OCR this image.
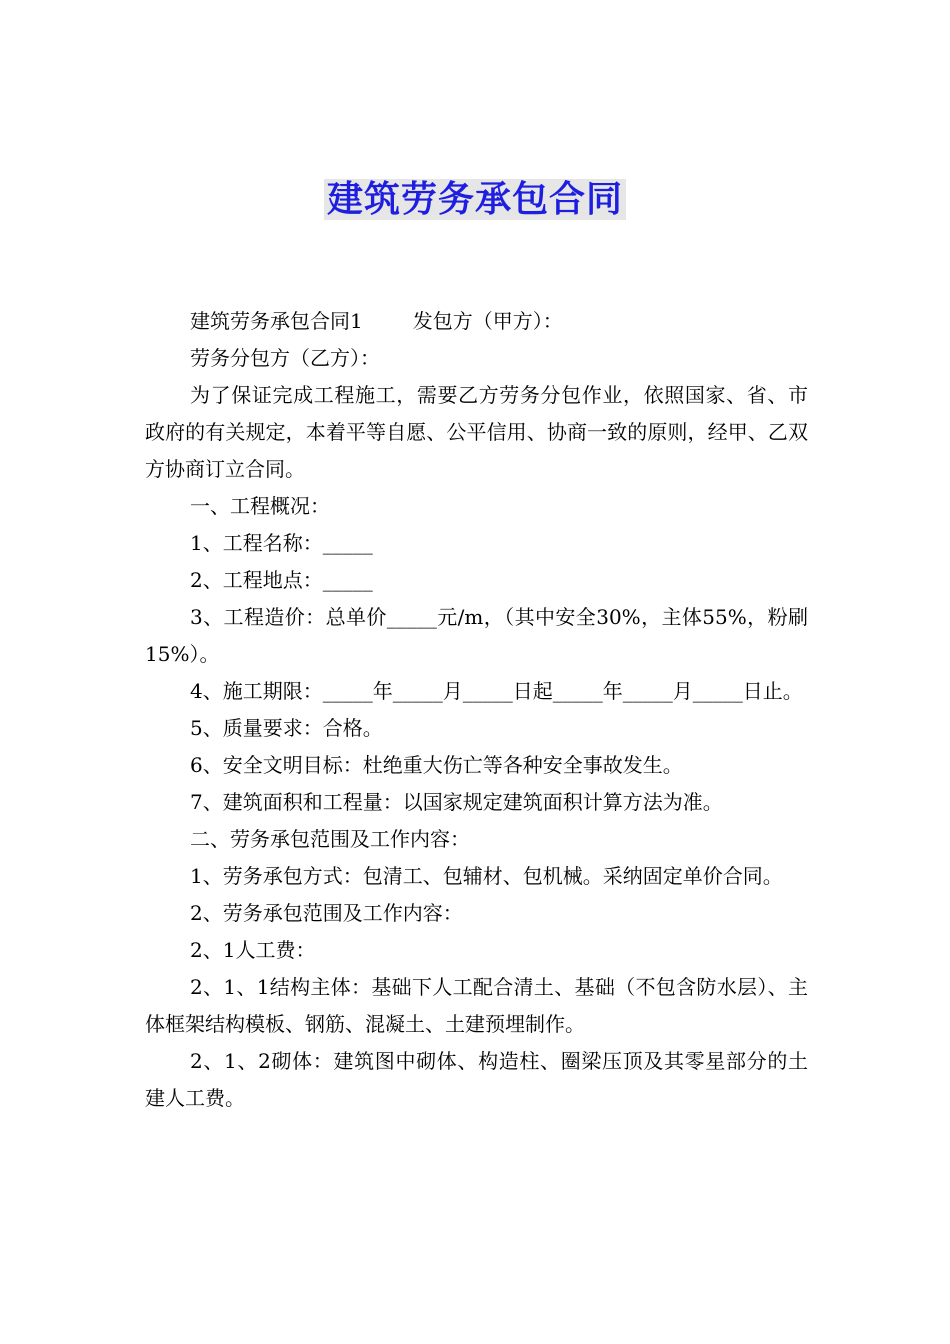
建筑劳务承包合同

建筑劳务承包合同1	发包方（甲方）：

劳务分包方（乙方）：

为了保证完成工程施工，需要乙方劳务分包作业，依照国家、省、市政府的有关规定，本着平等自愿、公平信用、协商一致的原则，经甲、乙双方协商订立合同。

一、工程概况：

1、工程名称：_____

2、工程地点：_____

3、工程造价：总单价_____元/m，（其中安全30%，主体55%，粉刷15%）。

4、施工期限：_____年_____月_____日起_____年_____月_____日止。

5、质量要求：合格。

6、安全文明目标：杜绝重大伤亡等各种安全事故发生。

7、建筑面积和工程量：以国家规定建筑面积计算方法为准。

二、劳务承包范围及工作内容：

1、劳务承包方式：包清工、包辅材、包机械。采纳固定单价合同。

2、劳务承包范围及工作内容：

2、1人工费：

2、1、1结构主体：基础下人工配合清土、基础（不包含防水层）、主体框架结构模板、钢筋、混凝土、土建预埋制作。

2、1、2砌体：建筑图中砌体、构造柱、圈梁压顶及其零星部分的土建人工费。
